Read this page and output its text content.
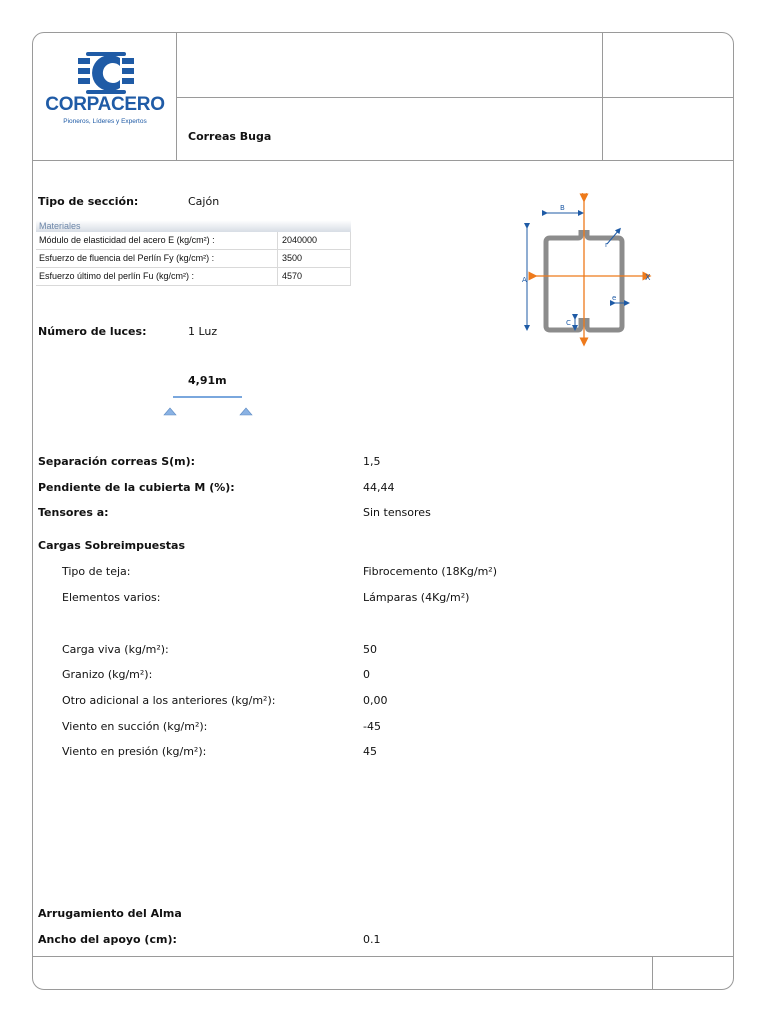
CORPACERO
Pioneros, Líderes y Expertos
Correas Buga
Tipo de sección:	Cajón
Materiales
Módulo de elasticidad del acero E (kg/cm²) :	2040000
Esfuerzo de fluencia del Perlín Fy (kg/cm²) :	3500
Esfuerzo último del perlín Fu (kg/cm²) :	4570
Y
X
B
A
r
e
C
Número de luces:	1 Luz
4,91m
Separación correas S(m):	1,5
Pendiente de la cubierta M (%):	44,44
Tensores a:	Sin tensores
Cargas Sobreimpuestas
Tipo de teja:	Fibrocemento (18Kg/m²)
Elementos varios:	Lámparas (4Kg/m²)
Carga viva (kg/m²):	50
Granizo (kg/m²):	0
Otro adicional a los anteriores (kg/m²):	0,00
Viento en succión (kg/m²):	-45
Viento en presión (kg/m²):	45
Arrugamiento del Alma
Ancho del apoyo (cm):	0.1
